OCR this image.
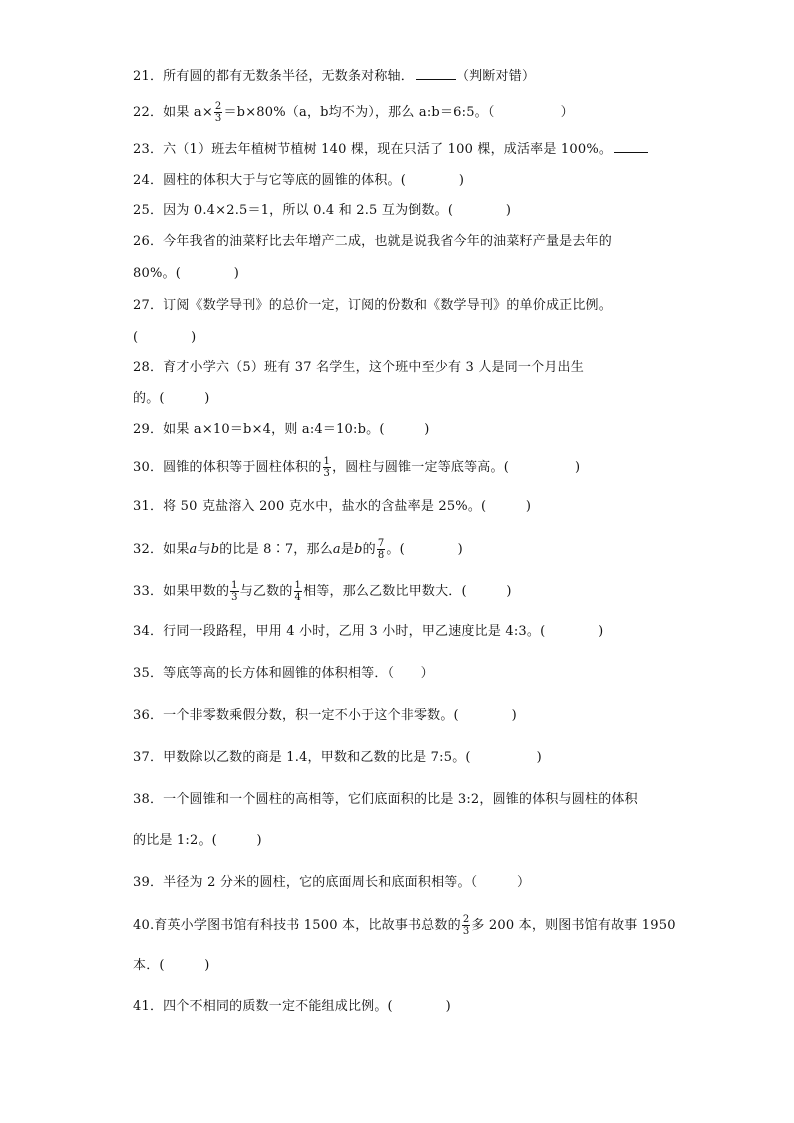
21．所有圆的都有无数条半径，无数条对称轴．	（判断对错）
22．如果 $a\times \frac{2}{3} =b\times 80\%(a$，b均不为），那么 a:b＝6:5。（　　　　　）
23．六（1）班去年植树节植树 140 棵，现在只活了 100 棵，成活率是 100%。
24．圆柱的体积大于与它等底的圆锥的体积。(　　　　)
25．因为 0.4×2.5＝1，所以 0.4 和 2.5 互为倒数。(　　　　)
26．今年我省的油菜籽比去年增产二成，也就是说我省今年的油菜籽产量是去年的
80%。(　　　　)
27．订阅《数学导刊》的总价一定，订阅的份数和《数学导刊》的单价成正比例。
(　　　　)
28．育才小学六（5）班有 37 名学生，这个班中至少有 3 人是同一个月出生
的。(　　　)
29．如果 a×10＝b×4，则 a:4＝10:b。(　　　)
30．圆锥的体积等于圆柱体积的 $\frac{1}{3}$ ，圆柱与圆锥一定等底等高。(　　　　　)
31．将 50 克盐溶入 200 克水中，盐水的含盐率是 25%。(　　　)
32．如果a与b的比是 8∶7，那么a是b的 $\frac{7}{8}$ 。(　　　　)
33．如果甲数的 $\frac{1}{3}$ 与乙数的 $\frac{1}{4}$ 相等，那么乙数比甲数大．(　　　)
34．行同一段路程，甲用 4 小时，乙用 3 小时，甲乙速度比是 4:3。(　　　　)
35．等底等高的长方体和圆锥的体积相等．（　　）
36．一个非零数乘假分数，积一定不小于这个非零数。(　　　　)
37．甲数除以乙数的商是 1.4，甲数和乙数的比是 7:5。(　　　　　)
38．一个圆锥和一个圆柱的高相等，它们底面积的比是 3:2，圆锥的体积与圆柱的体积
的比是 1:2。(　　　)
39．半径为 2 分米的圆柱，它的底面周长和底面积相等。（　　　）
40.育英小学图书馆有科技书 1500 本，比故事书总数的 $\frac{2}{3}$ 多 200 本，则图书馆有故事 1950
本．(　　　)
41．四个不相同的质数一定不能组成比例。(　　　　)
